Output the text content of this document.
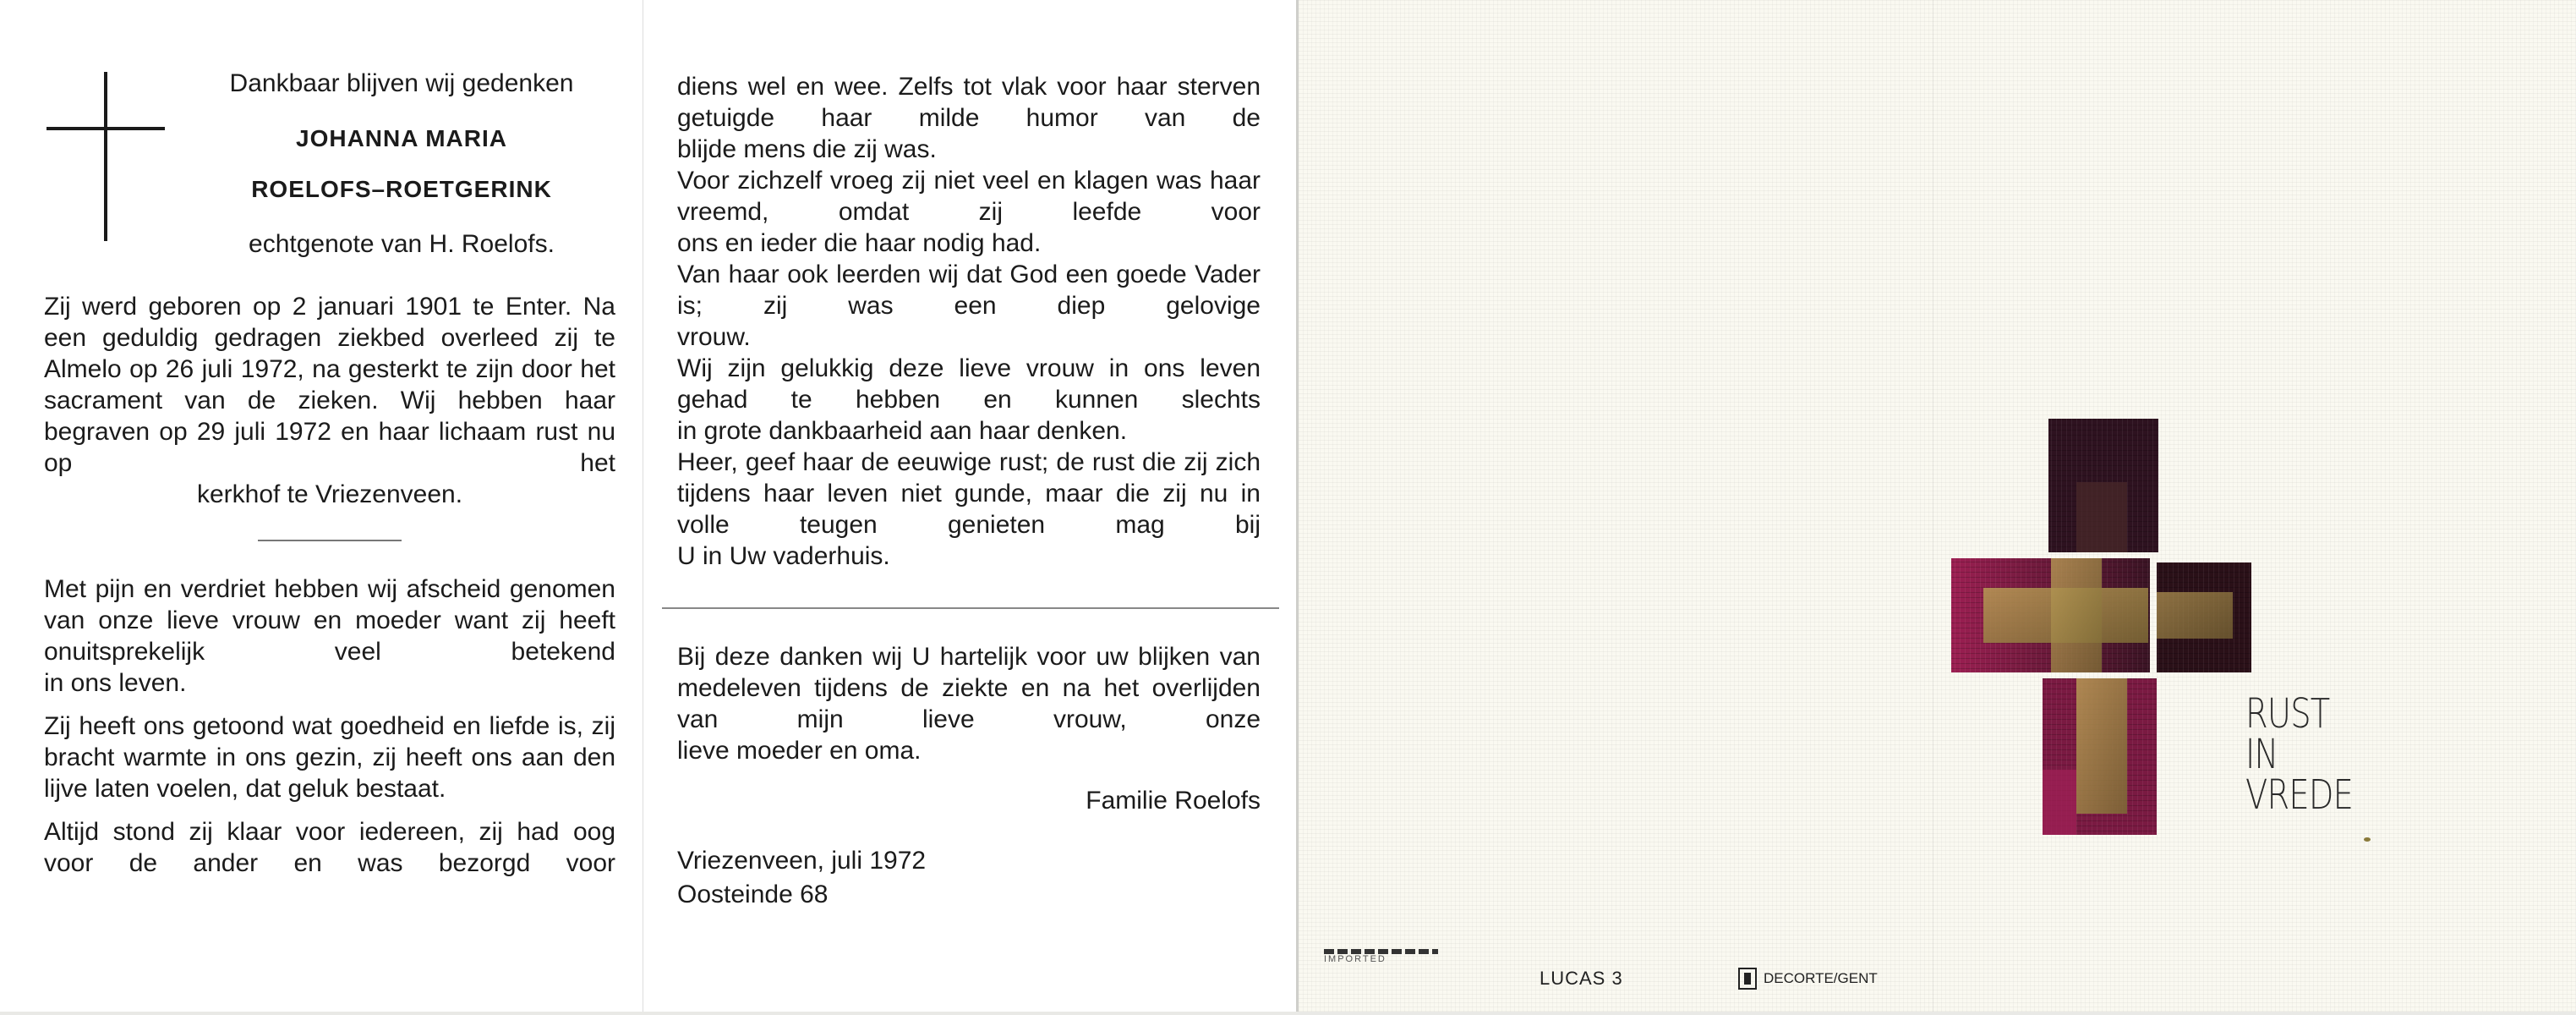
Dankbaar blijven wij gedenken
JOHANNA MARIA
ROELOFS–ROETGERINK
echtgenote van H. Roelofs.
Zij werd geboren op 2 januari 1901 te Enter. Na een geduldig gedragen ziekbed overleed zij te Almelo op 26 juli 1972, na gesterkt te zijn door het sacrament van de zieken. Wij hebben haar begraven op 29 juli 1972 en haar lichaam rust nu op het
kerkhof te Vriezenveen.
Met pijn en verdriet hebben wij afscheid genomen van onze lieve vrouw en moeder want zij heeft onuitsprekelijk veel betekend
in ons leven.
Zij heeft ons getoond wat goedheid en liefde is, zij bracht warmte in ons gezin, zij heeft ons aan den lijve laten voelen, dat geluk bestaat.
Altijd stond zij klaar voor iedereen, zij had oog voor de ander en was bezorgd voor
diens wel en wee. Zelfs tot vlak voor haar sterven getuigde haar milde humor van de
blijde mens die zij was.
Voor zichzelf vroeg zij niet veel en klagen was haar vreemd, omdat zij leefde voor
ons en ieder die haar nodig had.
Van haar ook leerden wij dat God een goede Vader is; zij was een diep gelovige
vrouw.
Wij zijn gelukkig deze lieve vrouw in ons leven gehad te hebben en kunnen slechts
in grote dankbaarheid aan haar denken.
Heer, geef haar de eeuwige rust; de rust die zij zich tijdens haar leven niet gunde, maar die zij nu in volle teugen genieten mag bij
U in Uw vaderhuis.
Bij deze danken wij U hartelijk voor uw blijken van medeleven tijdens de ziekte en na het overlijden van mijn lieve vrouw, onze
lieve moeder en oma.
Familie Roelofs
Vriezenveen, juli 1972
Oosteinde 68
RUST
IN
VREDE
IMPORTED
LUCAS 3	DECORTE/GENT
